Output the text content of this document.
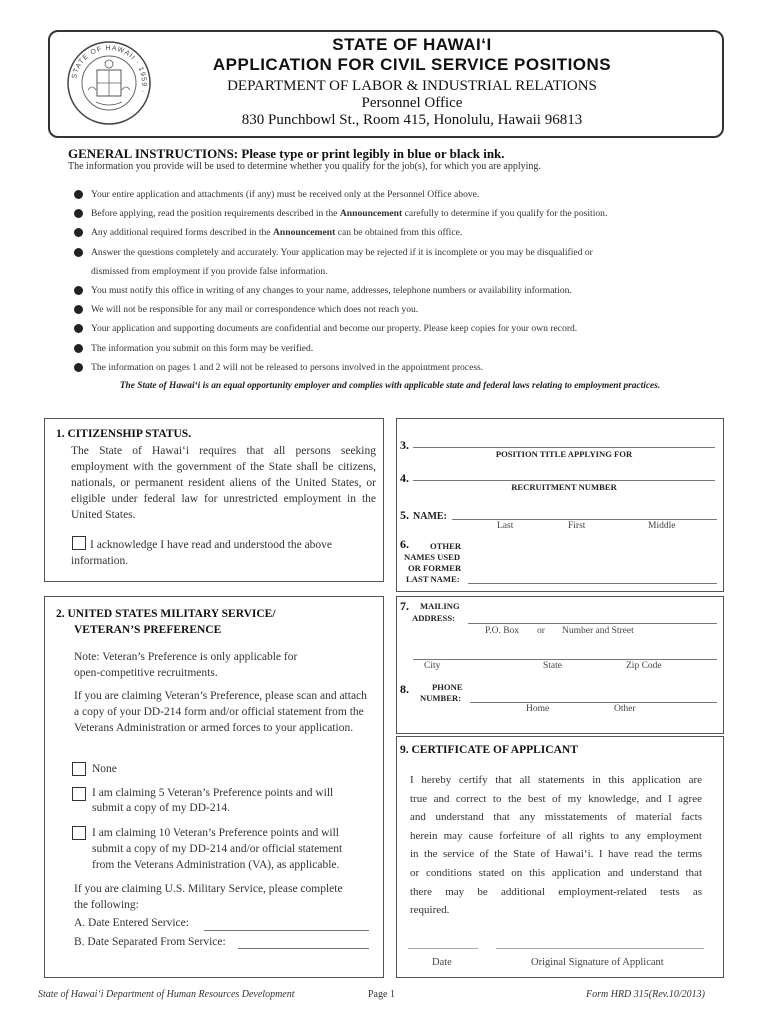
STATE OF HAWAII · 1959 ·
STATE OF HAWAI‘I
APPLICATION FOR CIVIL SERVICE POSITIONS
DEPARTMENT OF LABOR & INDUSTRIAL RELATIONS
Personnel Office
830 Punchbowl St., Room 415, Honolulu, Hawaii 96813
GENERAL INSTRUCTIONS: Please type or print legibly in blue or black ink.
The information you provide will be used to determine whether you qualify for the job(s), for which you are applying.
Your entire application and attachments (if any) must be received only at the Personnel Office above.
Before applying, read the position requirements described in the Announcement carefully to determine if you qualify for the position.
Any additional required forms described in the Announcement can be obtained from this office.
Answer the questions completely and accurately. Your application may be rejected if it is incomplete or you may be disqualified or
dismissed from employment if you provide false information.
You must notify this office in writing of any changes to your name, addresses, telephone numbers or availability information.
We will not be responsible for any mail or correspondence which does not reach you.
Your application and supporting documents are confidential and become our property. Please keep copies for your own record.
The information you submit on this form may be verified.
The information on pages 1 and 2 will not be released to persons involved in the appointment process.
The State of Hawai‘i is an equal opportunity employer and complies with applicable state and federal laws relating to employment practices.
1. CITIZENSHIP STATUS.
The State of Hawai‘i requires that all persons seeking employment with the government of the State shall be citizens, nationals, or permanent resident aliens of the United States, or eligible under federal law for unrestricted employment in the United States.
I acknowledge I have read and understood the above
information.
2. UNITED STATES MILITARY SERVICE/
VETERAN’S PREFERENCE
Note: Veteran’s Preference is only applicable for
open-competitive recruitments.
If you are claiming Veteran’s Preference, please scan and attach a copy of your DD-214 form and/or official statement from the Veterans Administration or armed forces to your application.
None
I am claiming 5 Veteran’s Preference points and will
submit a copy of my DD-214.
I am claiming 10 Veteran’s Preference points and will
submit a copy of my DD-214 and/or official statement
from the Veterans Administration (VA), as applicable.
If you are claiming U.S. Military Service, please complete
the following:
A. Date Entered Service:
B. Date Separated From Service:
3.
POSITION TITLE APPLYING FOR
4.
RECRUITMENT NUMBER
5. NAME:
Last	First	Middle
6. OTHER
NAMES USED
OR FORMER
LAST NAME:
7. MAILING
ADDRESS:
P.O. Box or Number and Street
City	State	Zip Code
8.	PHONE
NUMBER:
Home	Other
9. CERTIFICATE OF APPLICANT
I hereby certify that all statements in this application are
true and correct to the best of my knowledge, and I agree
and understand that any misstatements of material facts
herein may cause forfeiture of all rights to any employment
in the service of the State of Hawai‘i. I have read the terms
or conditions stated on this application and understand that
there may be additional employment-related tests as
required.
Date	Original Signature of Applicant
State of Hawai‘i Department of Human Resources Development	Page 1	Form HRD 315(Rev.10/2013)
